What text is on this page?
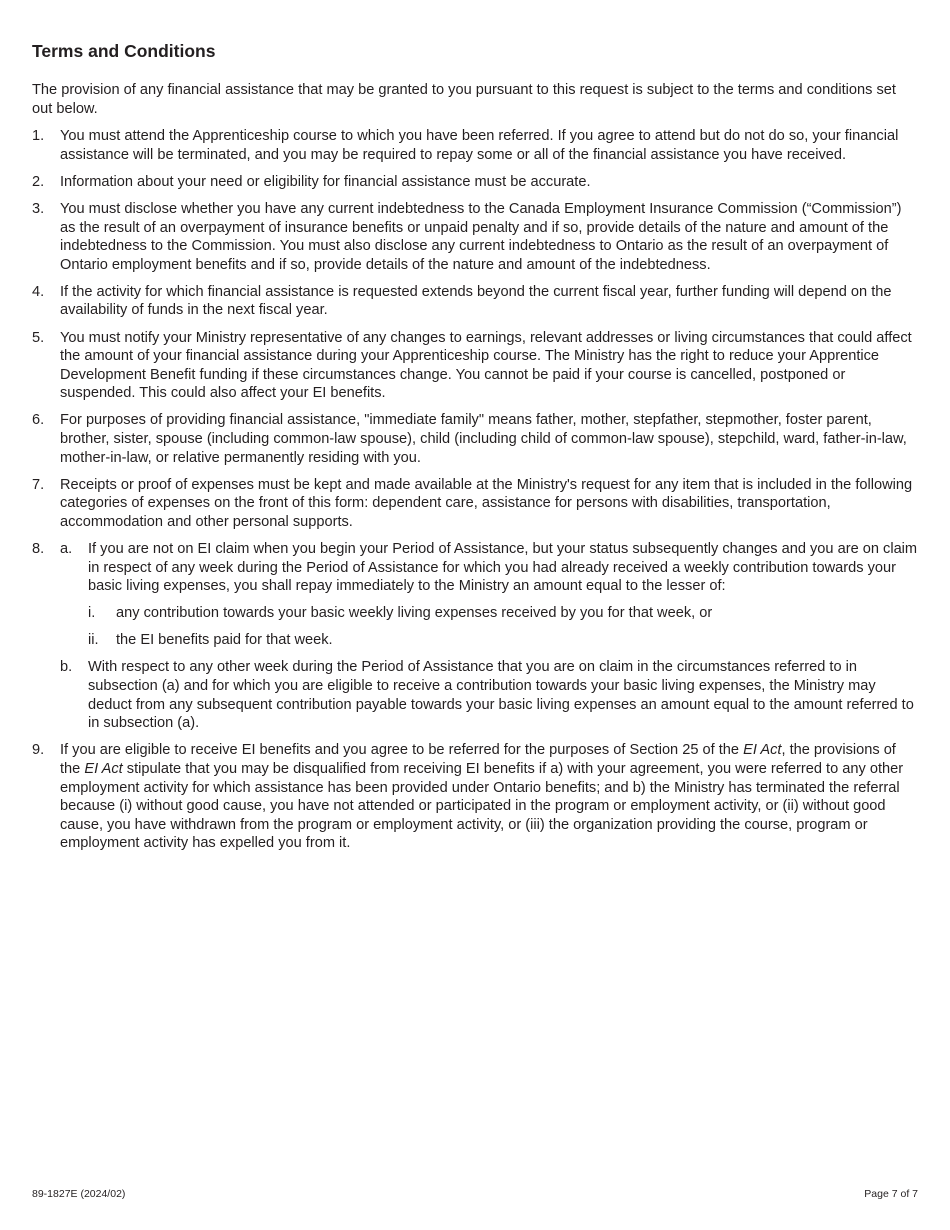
Terms and Conditions

The provision of any financial assistance that may be granted to you pursuant to this request is subject to the terms and conditions set out below.

1.	You must attend the Apprenticeship course to which you have been referred. If you agree to attend but do not do so, your financial assistance will be terminated, and you may be required to repay some or all of the financial assistance you have received.
2.	Information about your need or eligibility for financial assistance must be accurate.
3.	You must disclose whether you have any current indebtedness to the Canada Employment Insurance Commission (“Commission”) as the result of an overpayment of insurance benefits or unpaid penalty and if so, provide details of the nature and amount of the indebtedness to the Commission. You must also disclose any current indebtedness to Ontario as the result of an overpayment of Ontario employment benefits and if so, provide details of the nature and amount of the indebtedness.
4.	If the activity for which financial assistance is requested extends beyond the current fiscal year, further funding will depend on the availability of funds in the next fiscal year.
5.	You must notify your Ministry representative of any changes to earnings, relevant addresses or living circumstances that could affect the amount of your financial assistance during your Apprenticeship course. The Ministry has the right to reduce your Apprentice Development Benefit funding if these circumstances change. You cannot be paid if your course is cancelled, postponed or suspended. This could also affect your EI benefits.
6.	For purposes of providing financial assistance, "immediate family" means father, mother, stepfather, stepmother, foster parent, brother, sister, spouse (including common-law spouse), child (including child of common-law spouse), stepchild, ward, father-in-law, mother-in-law, or relative permanently residing with you.
7.	Receipts or proof of expenses must be kept and made available at the Ministry's request for any item that is included in the following categories of expenses on the front of this form: dependent care, assistance for persons with disabilities, transportation, accommodation and other personal supports.
8.	a.	If you are not on EI claim when you begin your Period of Assistance, but your status subsequently changes and you are on claim in respect of any week during the Period of Assistance for which you had already received a weekly contribution towards your basic living expenses, you shall repay immediately to the Ministry an amount equal to the lesser of:
i.	any contribution towards your basic weekly living expenses received by you for that week, or
ii.	the EI benefits paid for that week.
b.	With respect to any other week during the Period of Assistance that you are on claim in the circumstances referred to in subsection (a) and for which you are eligible to receive a contribution towards your basic living expenses, the Ministry may deduct from any subsequent contribution payable towards your basic living expenses an amount equal to the amount referred to in subsection (a).
9.	If you are eligible to receive EI benefits and you agree to be referred for the purposes of Section 25 of the EI Act, the provisions of the EI Act stipulate that you may be disqualified from receiving EI benefits if a) with your agreement, you were referred to any other employment activity for which assistance has been provided under Ontario benefits; and b) the Ministry has terminated the referral because (i) without good cause, you have not attended or participated in the program or employment activity, or (ii) without good cause, you have withdrawn from the program or employment activity, or (iii) the organization providing the course, program or employment activity has expelled you from it.
89-1827E (2024/02)	Page 7 of 7
